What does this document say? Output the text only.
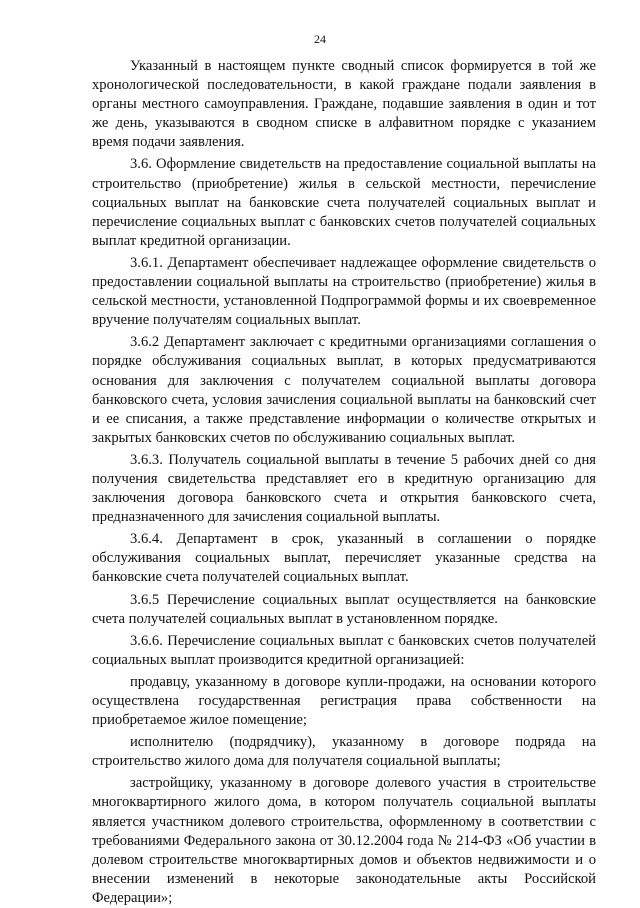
24

Указанный в настоящем пункте сводный список формируется в той же хронологической последовательности, в какой граждане подали заявления в органы местного самоуправления. Граждане, подавшие заявления в один и тот же день, указываются в сводном списке в алфавитном порядке с указанием время подачи заявления.

3.6. Оформление свидетельств на предоставление социальной выплаты на строительство (приобретение) жилья в сельской местности, перечисление социальных выплат на банковские счета получателей социальных выплат и перечисление социальных выплат с банковских счетов получателей социальных выплат кредитной организации.

3.6.1. Департамент обеспечивает надлежащее оформление свидетельств о предоставлении социальной выплаты на строительство (приобретение) жилья в сельской местности, установленной Подпрограммой формы и их своевременное вручение получателям социальных выплат.

3.6.2 Департамент заключает с кредитными организациями соглашения о порядке обслуживания социальных выплат, в которых предусматриваются основания для заключения с получателем социальной выплаты договора банковского счета, условия зачисления социальной выплаты на банковский счет и ее списания, а также представление информации о количестве открытых и закрытых банковских счетов по обслуживанию социальных выплат.

3.6.3. Получатель социальной выплаты в течение 5 рабочих дней со дня получения свидетельства представляет его в кредитную организацию для заключения договора банковского счета и открытия банковского счета, предназначенного для зачисления социальной выплаты.

3.6.4. Департамент в срок, указанный в соглашении о порядке обслуживания социальных выплат, перечисляет указанные средства на банковские счета получателей социальных выплат.

3.6.5 Перечисление социальных выплат осуществляется на банковские счета получателей социальных выплат в установленном порядке.

3.6.6. Перечисление социальных выплат с банковских счетов получателей социальных выплат производится кредитной организацией:

продавцу, указанному в договоре купли-продажи, на основании которого осуществлена государственная регистрация права собственности на приобретаемое жилое помещение;

исполнителю (подрядчику), указанному в договоре подряда на строительство жилого дома для получателя социальной выплаты;

застройщику, указанному в договоре долевого участия в строительстве многоквартирного жилого дома, в котором получатель социальной выплаты является участником долевого строительства, оформленному в соответствии с требованиями Федерального закона от 30.12.2004 года № 214-ФЗ «Об участии в долевом строительстве многоквартирных домов и объектов недвижимости и о внесении изменений в некоторые законодательные акты Российской Федерации»;
